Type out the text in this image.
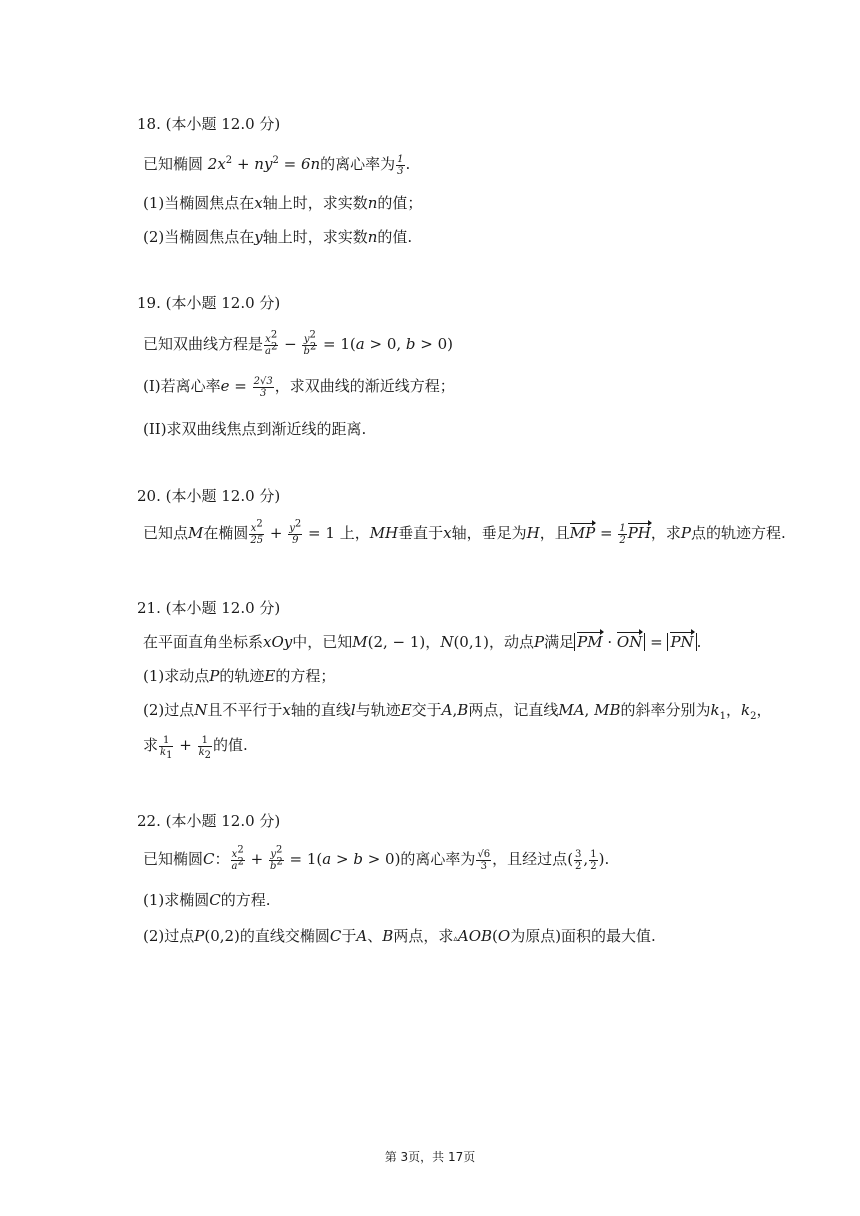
18. (本小题 12.0 分)
已知椭圆 $2x^2 + ny^2 = 6n$的离心率为 $\frac{1}{3}$ .
(1)当椭圆焦点在x轴上时，求实数n的值；
(2)当椭圆焦点在y轴上时，求实数n的值.
19. (本小题 12.0 分)
已知双曲线方程是 $\frac{x^2}{a^2} - \frac{y^2}{b^2} = 1(a > 0$, b > 0)
(I)若离心率$e = \frac{2√3}{3}$ ，求双曲线的渐近线方程；
(II)求双曲线焦点到渐近线的距离.
20. (本小题 12.0 分)
已知点M在椭圆 $\frac{x^2}{25} + \frac{y^2}{9} = 1$ 上，MH垂直于x轴，垂足为H，且MP = $\frac{1}{2}$ PH，求P点的轨迹方程.
21. (本小题 12.0 分)
在平面直角坐标系xOy中，已知M(2, − 1)，N(0,1)，动点P满足 PM · ON = PN .
(1)求动点P的轨迹E的方程；
(2)过点N且不平行于x轴的直线l与轨迹E交于A,B两点，记直线MA, MB的斜率分别为$k_1$，$k_2$，
求 $\frac{1}{k_1} + \frac{1}{k_2}$ 的值.
22. (本小题 12.0 分)
已知椭圆C： $\frac{x^2}{a^2} + \frac{y^2}{b^2} = 1(a > b > 0)$的离心率为 $\frac{√6}{3}$ ，且经过点( $\frac{3}{2}$ , $\frac{1}{2}$ ).
(1)求椭圆C的方程.
(2)过点P(0,2)的直线交椭圆C于A、B两点，求▵AOB(O为原点)面积的最大值.
第 3页，共 17页
